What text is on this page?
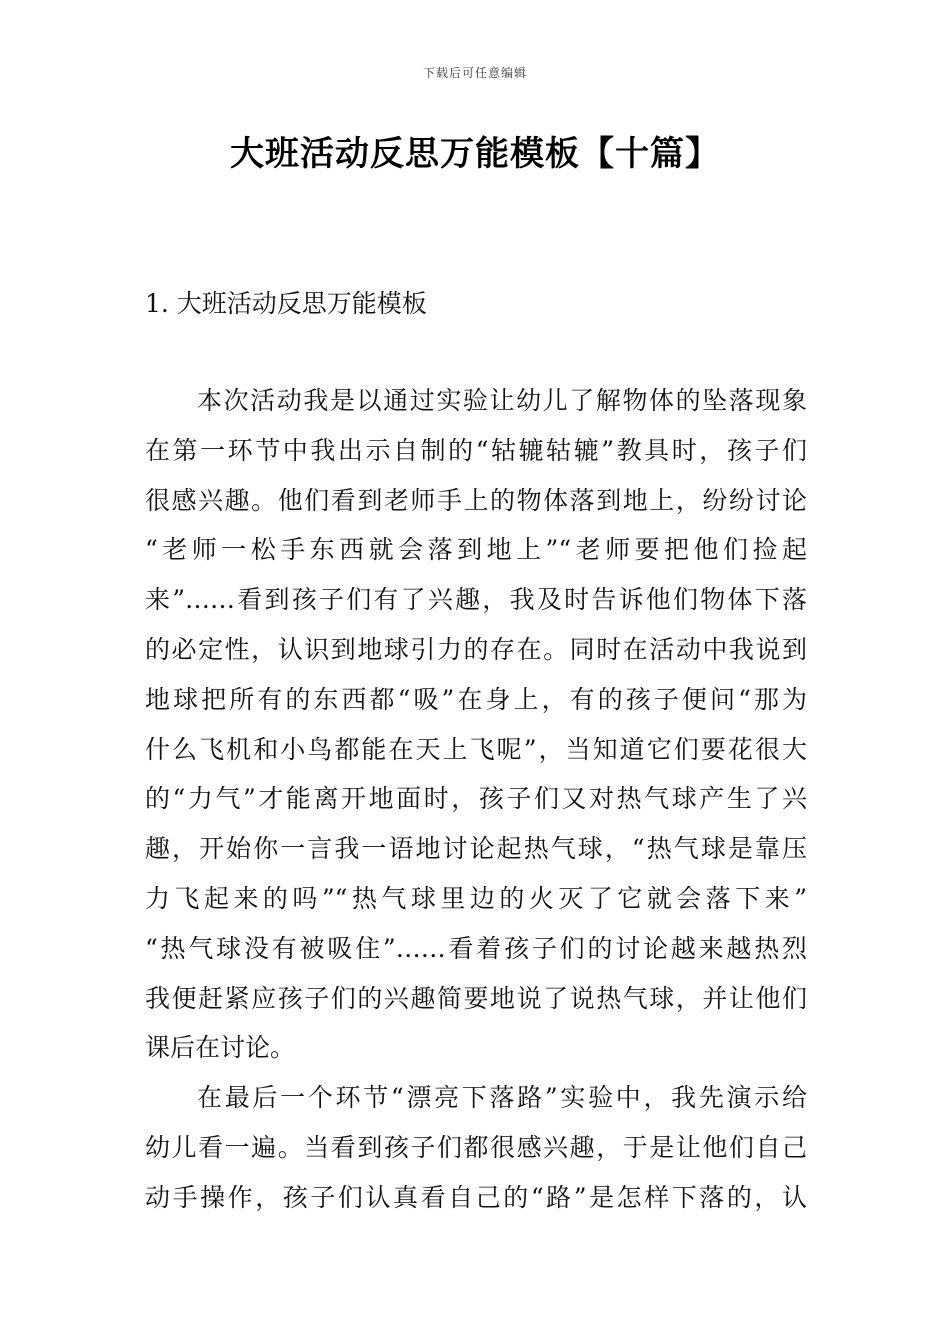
下载后可任意编辑
大班活动反思万能模板【十篇】
1. 大班活动反思万能模板
本次活动我是以通过实验让幼儿了解物体的坠落现象
在第一环节中我出示自制的“轱辘轱辘”教具时，孩子们
很感兴趣。他们看到老师手上的物体落到地上，纷纷讨论
“老师一松手东西就会落到地上”“老师要把他们捡起
来”……看到孩子们有了兴趣，我及时告诉他们物体下落
的必定性，认识到地球引力的存在。同时在活动中我说到
地球把所有的东西都“吸”在身上，有的孩子便问“那为
什么飞机和小鸟都能在天上飞呢”，当知道它们要花很大
的“力气”才能离开地面时，孩子们又对热气球产生了兴
趣，开始你一言我一语地讨论起热气球，“热气球是靠压
力飞起来的吗”“热气球里边的火灭了它就会落下来”
“热气球没有被吸住”……看着孩子们的讨论越来越热烈
我便赶紧应孩子们的兴趣简要地说了说热气球，并让他们
课后在讨论。
在最后一个环节“漂亮下落路”实验中，我先演示给
幼儿看一遍。当看到孩子们都很感兴趣，于是让他们自己
动手操作，孩子们认真看自己的“路”是怎样下落的，认
